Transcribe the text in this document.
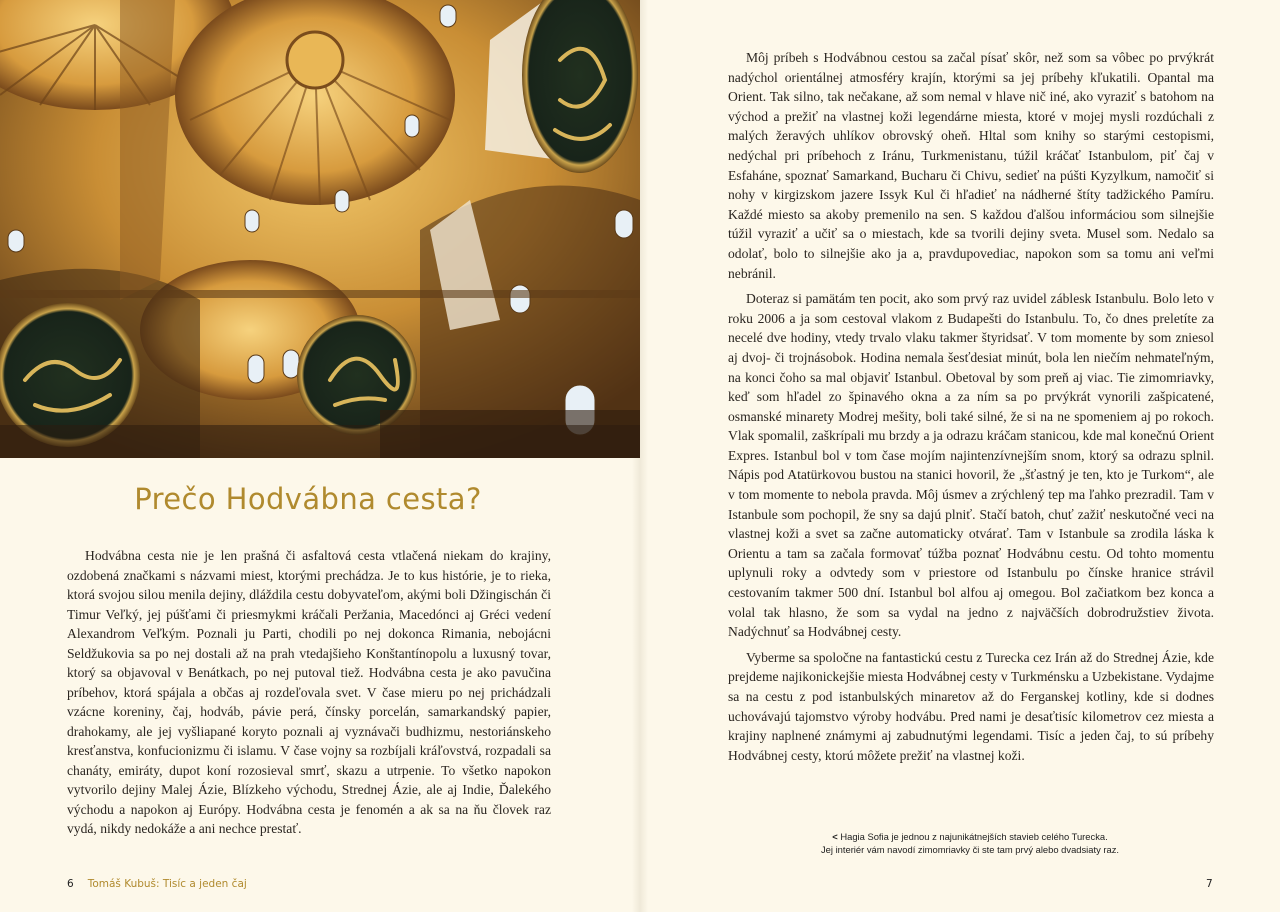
Prečo Hodvábna cesta?

Hodvábna cesta nie je len prašná či asfaltová cesta vtlačená niekam do krajiny, ozdobená značkami s názvami miest, ktorými prechádza. Je to kus histórie, je to rieka, ktorá svojou silou menila dejiny, dláždila cestu dobyvateľom, akými boli Džingischán či Timur Veľký, jej púšťami či priesmykmi kráčali Peržania, Macedónci aj Gréci vedení Alexandrom Veľkým. Poznali ju Parti, chodili po nej dokonca Rimania, nebojácni Seldžukovia sa po nej dostali až na prah vtedajšieho Konštantínopolu a luxusný tovar, ktorý sa objavoval v Benátkach, po nej putoval tiež. Hodvábna cesta je ako pavučina príbehov, ktorá spájala a občas aj rozdeľovala svet. V čase mieru po nej prichádzali vzácne koreniny, čaj, hodváb, pávie perá, čínsky porcelán, samarkandský papier, drahokamy, ale jej vyšliapané koryto poznali aj vyznávači budhizmu, nestoriánskeho kresťanstva, konfucionizmu či islamu. V čase vojny sa rozbíjali kráľovstvá, rozpadali sa chanáty, emiráty, dupot koní rozosieval smrť, skazu a utrpenie. To všetko napokon vytvorilo dejiny Malej Ázie, Blízkeho východu, Strednej Ázie, ale aj Indie, Ďalekého východu a napokon aj Európy. Hodvábna cesta je fenomén a ak sa na ňu človek raz vydá, nikdy nedokáže a ani nechce prestať.

Môj príbeh s Hodvábnou cestou sa začal písať skôr, než som sa vôbec po prvýkrát nadýchol orientálnej atmosféry krajín, ktorými sa jej príbehy kľukatili. Opantal ma Orient. Tak silno, tak nečakane, až som nemal v hlave nič iné, ako vyraziť s batohom na východ a prežiť na vlastnej koži legendárne miesta, ktoré v mojej mysli rozdúchali z malých žeravých uhlíkov obrovský oheň. Hltal som knihy so starými cestopismi, nedýchal pri príbehoch z Iránu, Turkmenistanu, túžil kráčať Istanbulom, piť čaj v Esfaháne, spoznať Samarkand, Bucharu či Chivu, sedieť na púšti Kyzylkum, namočiť si nohy v kirgizskom jazere Issyk Kul či hľadieť na nádherné štíty tadžického Pamíru. Každé miesto sa akoby premenilo na sen. S každou ďalšou informáciou som silnejšie túžil vyraziť a učiť sa o miestach, kde sa tvorili dejiny sveta. Musel som. Nedalo sa odolať, bolo to silnejšie ako ja a, pravdupovediac, napokon som sa tomu ani veľmi nebránil.

Doteraz si pamätám ten pocit, ako som prvý raz uvidel záblesk Istanbulu. Bolo leto v roku 2006 a ja som cestoval vlakom z Budapešti do Istanbulu. To, čo dnes preletíte za necelé dve hodiny, vtedy trvalo vlaku takmer štyridsať. V tom momente by som zniesol aj dvoj- či trojnásobok. Hodina nemala šesťdesiat minút, bola len niečím nehmateľným, na konci čoho sa mal objaviť Istanbul. Obetoval by som preň aj viac. Tie zimomriavky, keď som hľadel zo špinavého okna a za ním sa po prvýkrát vynorili zašpicatené, osmanské minarety Modrej mešity, boli také silné, že si na ne spomeniem aj po rokoch. Vlak spomalil, zaškrípali mu brzdy a ja odrazu kráčam stanicou, kde mal konečnú Orient Expres. Istanbul bol v tom čase mojím najintenzívnejším snom, ktorý sa odrazu splnil. Nápis pod Atatürkovou bustou na stanici hovoril, že „šťastný je ten, kto je Turkom“, ale v tom momente to nebola pravda. Môj úsmev a zrýchlený tep ma ľahko prezradil. Tam v Istanbule som pochopil, že sny sa dajú plniť. Stačí batoh, chuť zažiť neskutočné veci na vlastnej koži a svet sa začne automaticky otvárať. Tam v Istanbule sa zrodila láska k Orientu a tam sa začala formovať túžba poznať Hodvábnu cestu. Od tohto momentu uplynuli roky a odvtedy som v priestore od Istanbulu po čínske hranice strávil cestovaním takmer 500 dní. Istanbul bol alfou aj omegou. Bol začiatkom bez konca a volal tak hlasno, že som sa vydal na jedno z najväčších dobrodružstiev života. Nadýchnuť sa Hodvábnej cesty.

Vyberme sa spoločne na fantastickú cestu z Turecka cez Irán až do Strednej Ázie, kde prejdeme najikonickejšie miesta Hodvábnej cesty v Turkménsku a Uzbekistane. Vydajme sa na cestu z pod istanbulských minaretov až do Ferganskej kotliny, kde si dodnes uchovávajú tajomstvo výroby hodvábu. Pred nami je desaťtisíc kilometrov cez miesta a krajiny naplnené známymi aj zabudnutými legendami. Tisíc a jeden čaj, to sú príbehy Hodvábnej cesty, ktorú môžete prežiť na vlastnej koži.

< Hagia Sofia je jednou z najunikátnejších stavieb celého Turecka.
Jej interiér vám navodí zimomriavky či ste tam prvý alebo dvadsiaty raz.
6 Tomáš Kubuš: Tisíc a jeden čaj	7
